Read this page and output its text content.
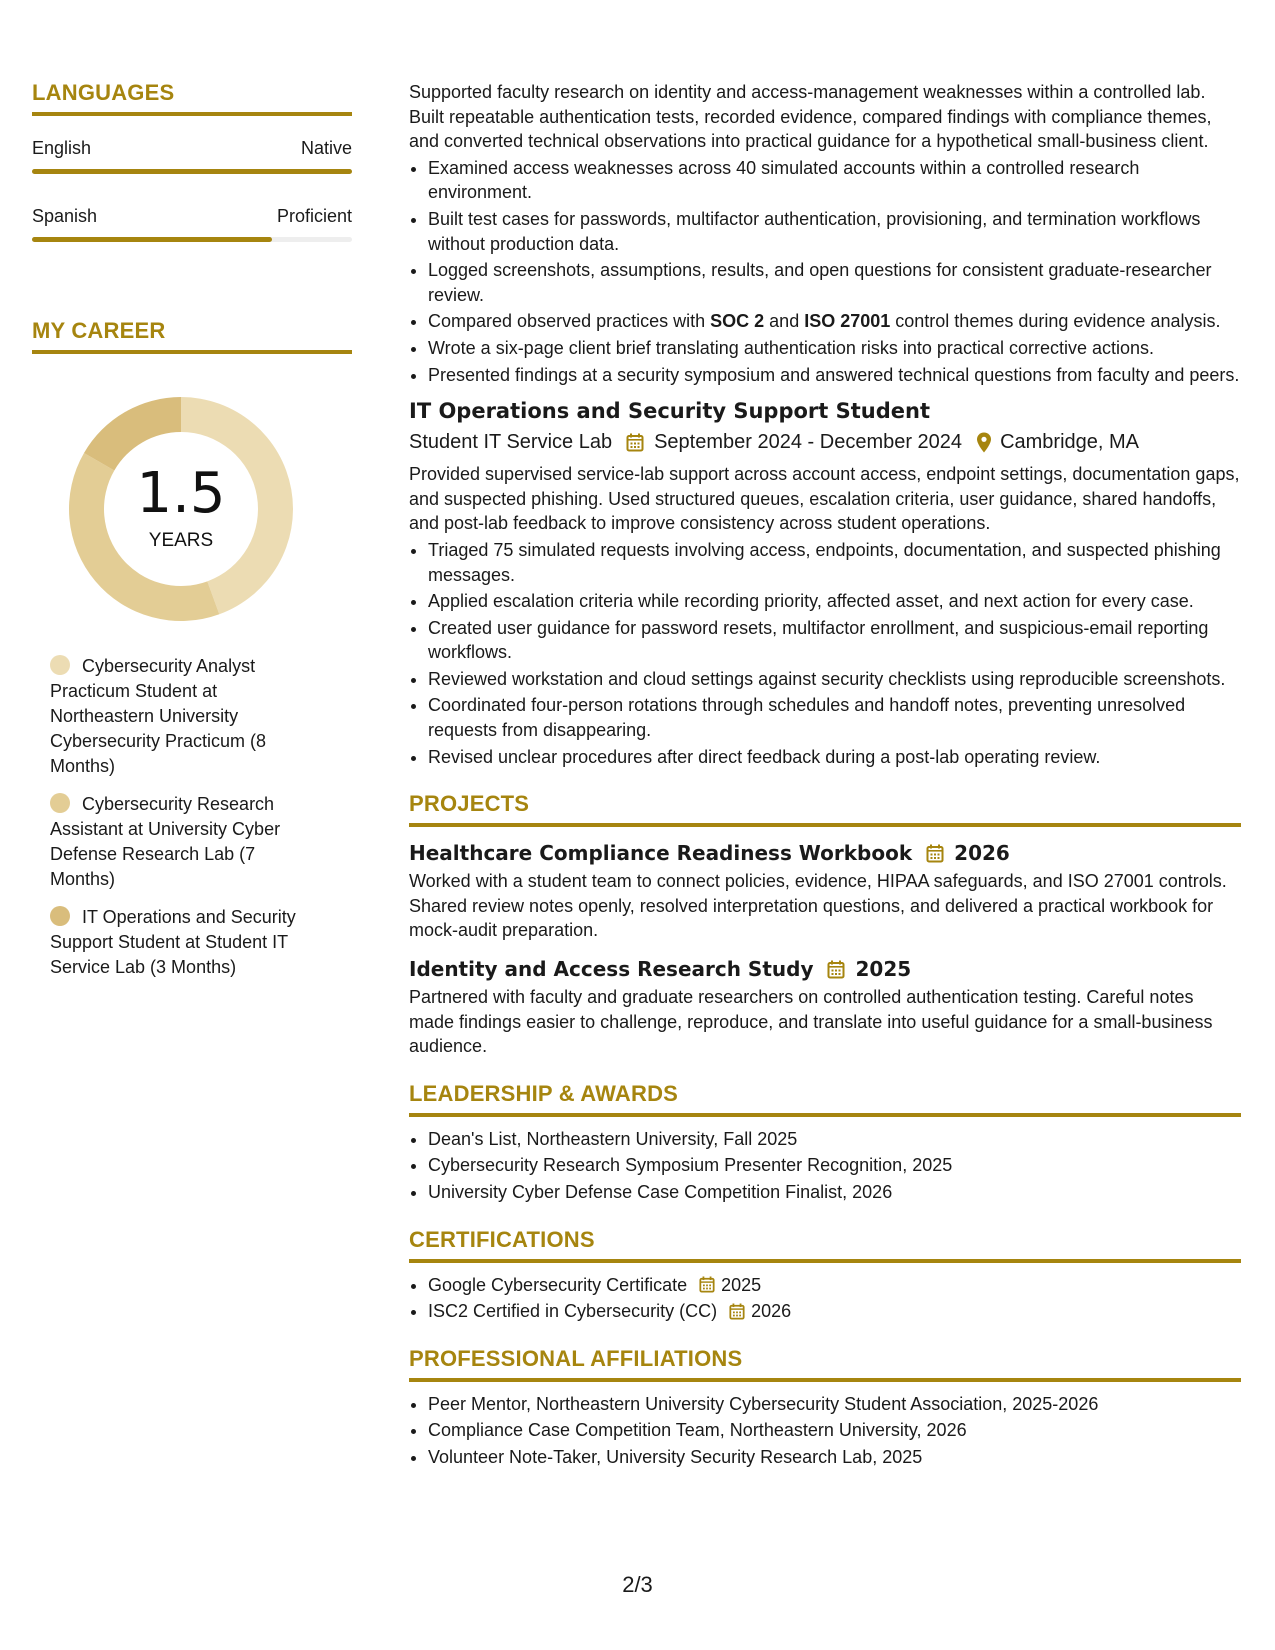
LANGUAGES
English	Native
Spanish	Proficient
MY CAREER
1.5
YEARS
Cybersecurity Analyst Practicum Student at Northeastern University Cybersecurity Practicum (8 Months)
Cybersecurity Research Assistant at University Cyber Defense Research Lab (7 Months)
IT Operations and Security Support Student at Student IT Service Lab (3 Months)

Supported faculty research on identity and access-management weaknesses within a controlled lab. Built repeatable authentication tests, recorded evidence, compared findings with compliance themes, and converted technical observations into practical guidance for a hypothetical small-business client.

• Examined access weaknesses across 40 simulated accounts within a controlled research environment.
• Built test cases for passwords, multifactor authentication, provisioning, and termination workflows without production data.
• Logged screenshots, assumptions, results, and open questions for consistent graduate-researcher review.
• Compared observed practices with SOC 2 and ISO 27001 control themes during evidence analysis.
• Wrote a six-page client brief translating authentication risks into practical corrective actions.
• Presented findings at a security symposium and answered technical questions from faculty and peers.
IT Operations and Security Support Student
Student IT Service Lab September 2024 - December 2024 Cambridge, MA

Provided supervised service-lab support across account access, endpoint settings, documentation gaps, and suspected phishing. Used structured queues, escalation criteria, user guidance, shared handoffs, and post-lab feedback to improve consistency across student operations.

• Triaged 75 simulated requests involving access, endpoints, documentation, and suspected phishing messages.
• Applied escalation criteria while recording priority, affected asset, and next action for every case.
• Created user guidance for password resets, multifactor enrollment, and suspicious-email reporting workflows.
• Reviewed workstation and cloud settings against security checklists using reproducible screenshots.
• Coordinated four-person rotations through schedules and handoff notes, preventing unresolved requests from disappearing.
• Revised unclear procedures after direct feedback during a post-lab operating review.
PROJECTS
Healthcare Compliance Readiness Workbook 2026

Worked with a student team to connect policies, evidence, HIPAA safeguards, and ISO 27001 controls. Shared review notes openly, resolved interpretation questions, and delivered a practical workbook for mock-audit preparation.

Identity and Access Research Study 2025

Partnered with faculty and graduate researchers on controlled authentication testing. Careful notes made findings easier to challenge, reproduce, and translate into useful guidance for a small-business audience.

LEADERSHIP & AWARDS
• Dean's List, Northeastern University, Fall 2025
• Cybersecurity Research Symposium Presenter Recognition, 2025
• University Cyber Defense Case Competition Finalist, 2026
CERTIFICATIONS
• Google Cybersecurity Certificate 2025
• ISC2 Certified in Cybersecurity (CC) 2026
PROFESSIONAL AFFILIATIONS
• Peer Mentor, Northeastern University Cybersecurity Student Association, 2025-2026
• Compliance Case Competition Team, Northeastern University, 2026
• Volunteer Note-Taker, University Security Research Lab, 2025
2/3
